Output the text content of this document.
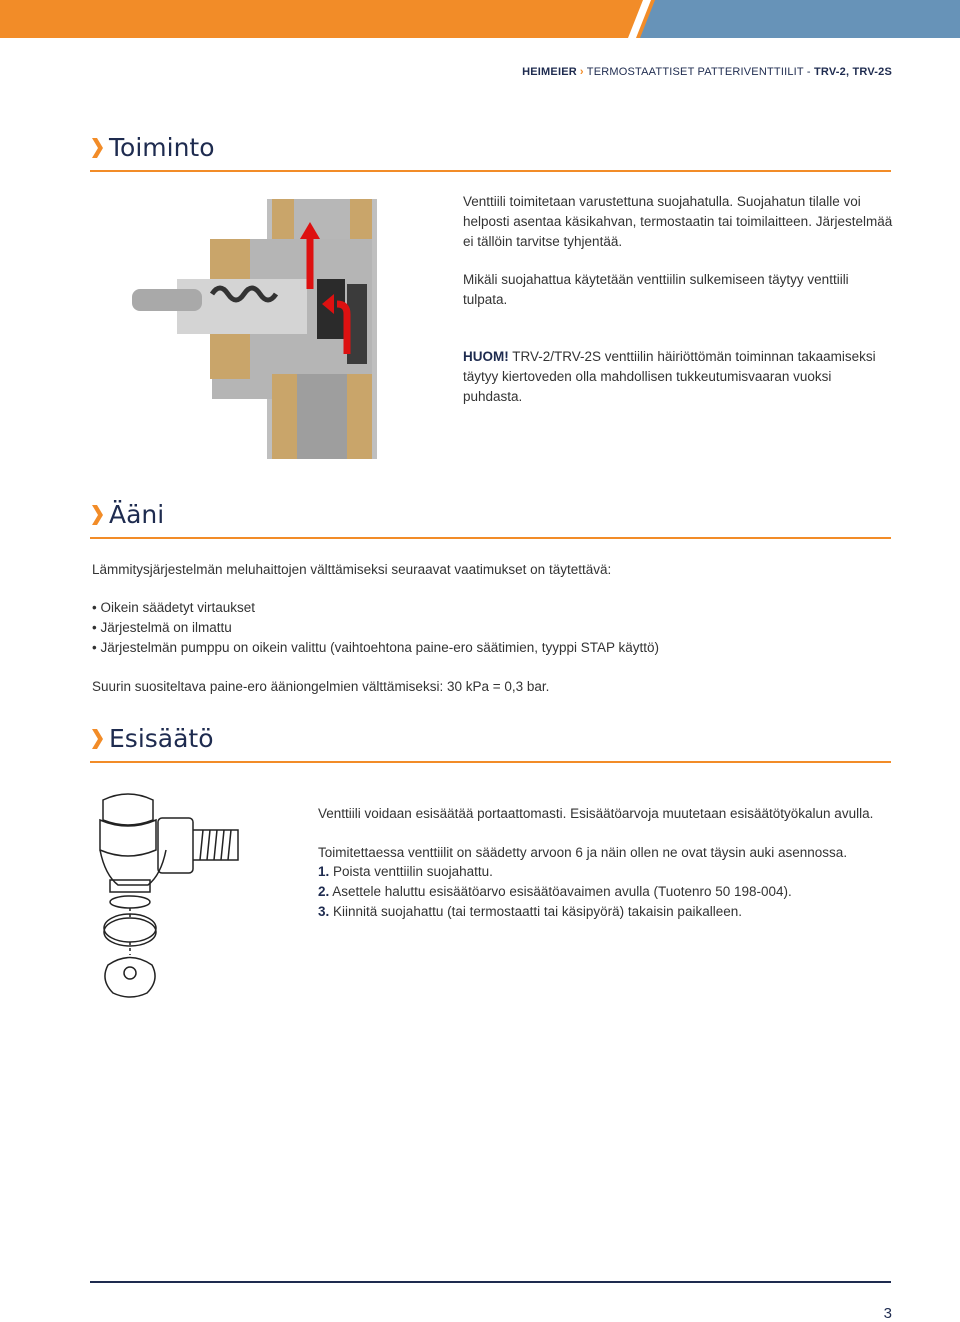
HEIMEIER › TERMOSTAATTISET PATTERIVENTTIILIT - TRV-2, TRV-2S
Toiminto
Venttiili toimitetaan varustettuna suojahatulla. Suojahatun tilalle voi helposti asentaa käsikahvan, termostaatin tai toimilaitteen. Järjestelmää ei tällöin tarvitse tyhjentää.
Mikäli suojahattua käytetään venttiilin sulkemiseen täytyy venttiili tulpata.
HUOM! TRV-2/TRV-2S venttiilin häiriöttömän toiminnan takaamiseksi täytyy kiertoveden olla mahdollisen tukkeutumisvaaran vuoksi puhdasta.
Ääni
Lämmitysjärjestelmän meluhaittojen välttämiseksi seuraavat vaatimukset on täytettävä:
• Oikein säädetyt virtaukset
• Järjestelmä on ilmattu
• Järjestelmän pumppu on oikein valittu (vaihtoehtona paine-ero säätimien, tyyppi STAP käyttö)
Suurin suositeltava paine-ero ääniongelmien välttämiseksi: 30 kPa = 0,3 bar.
Esisäätö
Venttiili voidaan esisäätää portaattomasti. Esisäätöarvoja muutetaan esisäätötyökalun avulla.
Toimitettaessa venttiilit on säädetty arvoon 6 ja näin ollen ne ovat täysin auki asennossa.
1. Poista venttiilin suojahattu.
2. Asettele haluttu esisäätöarvo esisäätöavaimen avulla (Tuotenro 50 198-004).
3. Kiinnitä suojahattu (tai termostaatti tai käsipyörä) takaisin paikalleen.
3
